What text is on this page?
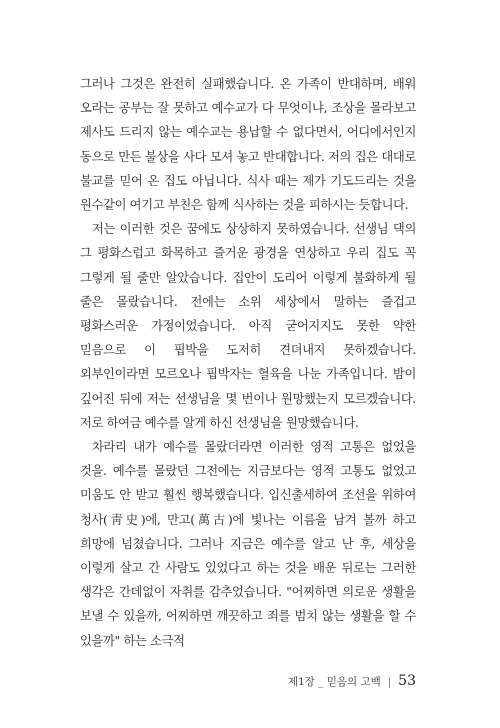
그러나 그것은 완전히 실패했습니다. 온 가족이 반대하며, 배워 오라는 공부는 잘 못하고 예수교가 다 무엇이냐, 조상을 몰라보고 제사도 드리지 않는 예수교는 용납할 수 없다면서, 어디에서인지 동으로 만든 불상을 사다 모셔 놓고 반대합니다. 저의 집은 대대로 불교를 믿어 온 집도 아닙니다. 식사 때는 제가 기도드리는 것을 원수같이 여기고 부친은 함께 식사하는 것을 피하시는 듯합니다.

저는 이러한 것은 꿈에도 상상하지 못하였습니다. 선생님 댁의 그 평화스럽고 화목하고 즐거운 광경을 연상하고 우리 집도 꼭 그렇게 될 줄만 알았습니다. 집안이 도리어 이렇게 불화하게 될 줄은 몰랐습니다. 전에는 소위 세상에서 말하는 즐겁고 평화스러운 가정이었습니다. 아직 굳어지지도 못한 약한 믿음으로 이 핍박을 도저히 견뎌내지 못하겠습니다. 외부인이라면 모르오나 핍박자는 혈육을 나눈 가족입니다. 밤이 깊어진 뒤에 저는 선생님을 몇 번이나 원망했는지 모르겠습니다. 저로 하여금 예수를 알게 하신 선생님을 원망했습니다.

차라리 내가 예수를 몰랐더라면 이러한 영적 고통은 없었을 것을. 예수를 몰랐던 그전에는 지금보다는 영적 고통도 없었고 미움도 안 받고 훨씬 행복했습니다. 입신출세하여 조선을 위하여 청사(靑史)에, 만고(萬古)에 빛나는 이름을 남겨 볼까 하고 희망에 넘쳤습니다. 그러나 지금은 예수를 알고 난 후, 세상을 이렇게 살고 간 사람도 있었다고 하는 것을 배운 뒤로는 그러한 생각은 간데없이 자취를 감추었습니다. "어찌하면 의로운 생활을 보낼 수 있을까, 어찌하면 깨끗하고 죄를 범치 않는 생활을 할 수 있을까" 하는 소극적

제1장 _ 믿음의 고백 | 53
